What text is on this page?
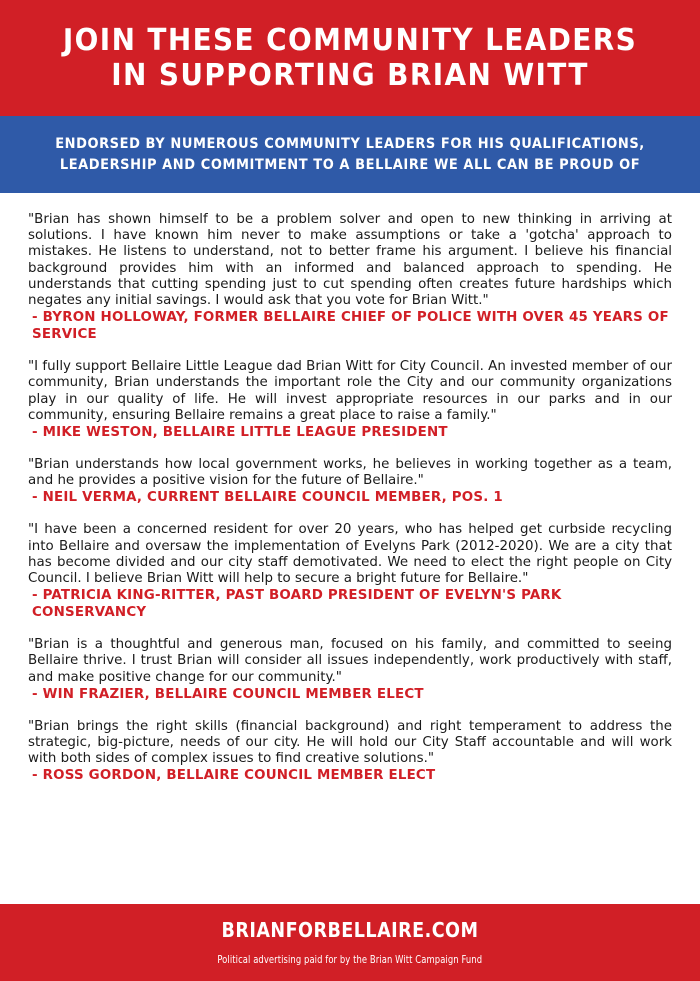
JOIN THESE COMMUNITY LEADERS IN SUPPORTING BRIAN WITT
ENDORSED BY NUMEROUS COMMUNITY LEADERS FOR HIS QUALIFICATIONS, LEADERSHIP AND COMMITMENT TO A BELLAIRE WE ALL CAN BE PROUD OF

"Brian has shown himself to be a problem solver and open to new thinking in arriving at solutions. I have known him never to make assumptions or take a 'gotcha' approach to mistakes. He listens to understand, not to better frame his argument. I believe his financial background provides him with an informed and balanced approach to spending. He understands that cutting spending just to cut spending often creates future hardships which negates any initial savings. I would ask that you vote for Brian Witt."

- BYRON HOLLOWAY, FORMER BELLAIRE CHIEF OF POLICE WITH OVER 45 YEARS OF SERVICE

"I fully support Bellaire Little League dad Brian Witt for City Council. An invested member of our community, Brian understands the important role the City and our community organizations play in our quality of life. He will invest appropriate resources in our parks and in our community, ensuring Bellaire remains a great place to raise a family."

- MIKE WESTON, BELLAIRE LITTLE LEAGUE PRESIDENT

"Brian understands how local government works, he believes in working together as a team, and he provides a positive vision for the future of Bellaire."

- NEIL VERMA, CURRENT BELLAIRE COUNCIL MEMBER, POS. 1

"I have been a concerned resident for over 20 years, who has helped get curbside recycling into Bellaire and oversaw the implementation of Evelyns Park (2012-2020). We are a city that has become divided and our city staff demotivated. We need to elect the right people on City Council. I believe Brian Witt will help to secure a bright future for Bellaire."

- PATRICIA KING-RITTER, PAST BOARD PRESIDENT OF EVELYN'S PARK CONSERVANCY

"Brian is a thoughtful and generous man, focused on his family, and committed to seeing Bellaire thrive. I trust Brian will consider all issues independently, work productively with staff, and make positive change for our community."

- WIN FRAZIER, BELLAIRE COUNCIL MEMBER ELECT

"Brian brings the right skills (financial background) and right temperament to address the strategic, big-picture, needs of our city. He will hold our City Staff accountable and will work with both sides of complex issues to find creative solutions."

- ROSS GORDON, BELLAIRE COUNCIL MEMBER ELECT

BRIANFORBELLAIRE.COM
Political advertising paid for by the Brian Witt Campaign Fund
